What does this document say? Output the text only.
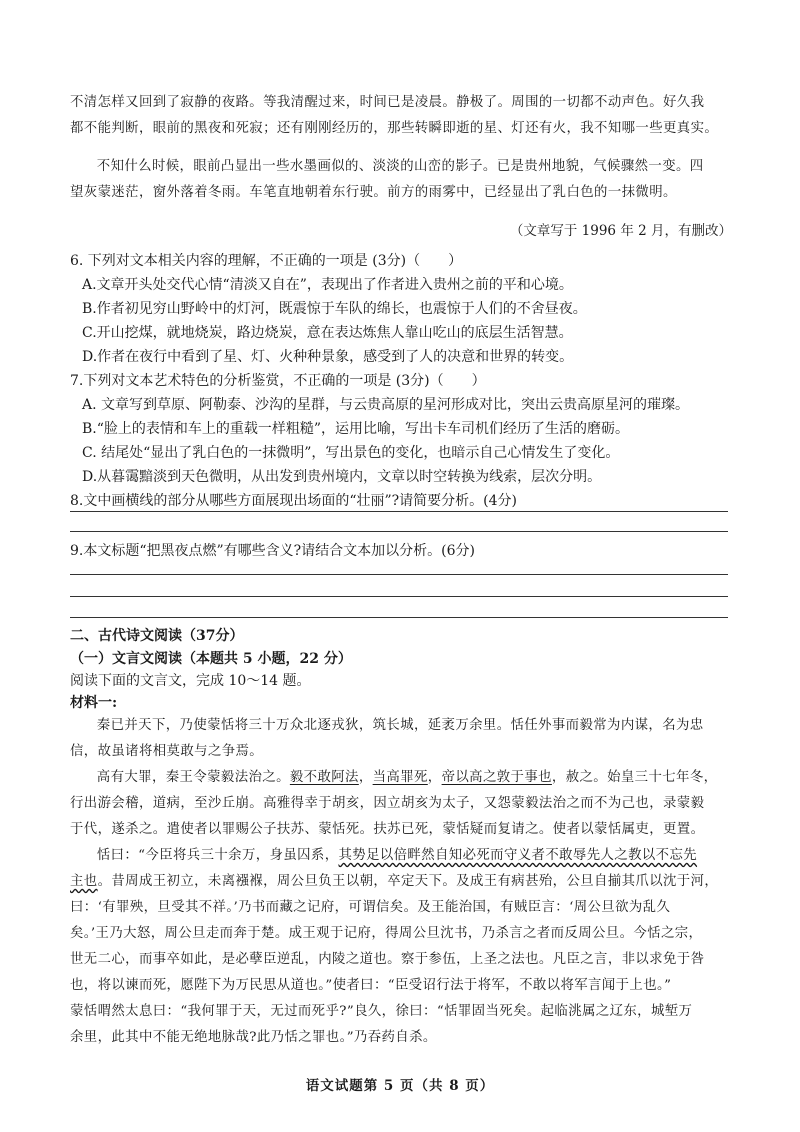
不清怎样又回到了寂静的夜路。等我清醒过来，时间已是凌晨。静极了。周围的一切都不动声色。好久我
都不能判断，眼前的黑夜和死寂；还有刚刚经历的，那些转瞬即逝的星、灯还有火，我不知哪一些更真实。
不知什么时候，眼前凸显出一些水墨画似的、淡淡的山峦的影子。已是贵州地貌，气候骤然一变。四
望灰蒙迷茫，窗外落着冬雨。车笔直地朝着东行驶。前方的雨雾中，已经显出了乳白色的一抹微明。
（文章写于 1996 年 2 月，有删改）
6. 下列对文本相关内容的理解，不正确的一项是 (3分)（　　）
A.文章开头处交代心情“清淡又自在”，表现出了作者进入贵州之前的平和心境。
B.作者初见穷山野岭中的灯河，既震惊于车队的绵长，也震惊于人们的不舍昼夜。
C.开山挖煤，就地烧炭，路边烧炭，意在表达炼焦人靠山吃山的底层生活智慧。
D.作者在夜行中看到了星、灯、火种种景象，感受到了人的决意和世界的转变。
7.下列对文本艺术特色的分析鉴赏，不正确的一项是 (3分)（　　）
A. 文章写到草原、阿勒泰、沙沟的星群，与云贵高原的星河形成对比，突出云贵高原星河的璀璨。
B.“脸上的表情和车上的重载一样粗糙”，运用比喻，写出卡车司机们经历了生活的磨砺。
C. 结尾处“显出了乳白色的一抹微明”，写出景色的变化，也暗示自己心情发生了变化。
D.从暮霭黯淡到天色微明，从出发到贵州境内，文章以时空转换为线索，层次分明。
8.文中画横线的部分从哪些方面展现出场面的“壮丽”?请简要分析。(4分)
9.本文标题“把黑夜点燃”有哪些含义?请结合文本加以分析。(6分)
二、古代诗文阅读（37分）
（一）文言文阅读（本题共 5 小题，22 分）
阅读下面的文言文，完成 10～14 题。
材料一:
秦已并天下，乃使蒙恬将三十万众北逐戎狄，筑长城，延袤万余里。恬任外事而毅常为内谋，名为忠
信，故虽诸将相莫敢与之争焉。
高有大罪，秦王令蒙毅法治之。毅不敢阿法，当高罪死，帝以高之敦于事也，赦之。始皇三十七年冬，
行出游会稽，道病，至沙丘崩。高雅得幸于胡亥，因立胡亥为太子，又怨蒙毅法治之而不为己也，录蒙毅
于代，遂杀之。遣使者以罪赐公子扶苏、蒙恬死。扶苏已死，蒙恬疑而复请之。使者以蒙恬属吏，更置。
恬曰：“今臣将兵三十余万，身虽囚系，其势足以倍畔然自知必死而守义者不敢辱先人之教以不忘先
主也。昔周成王初立，未离襁褓，周公旦负王以朝，卒定天下。及成王有病甚殆，公旦自揃其爪以沈于河，
曰：‘有罪殃，旦受其不祥。’乃书而藏之记府，可谓信矣。及王能治国，有贼臣言：‘周公旦欲为乱久
矣。’王乃大怒，周公旦走而奔于楚。成王观于记府，得周公旦沈书，乃杀言之者而反周公旦。今恬之宗，
世无二心，而事卒如此，是必孽臣逆乱，内陵之道也。察于参伍，上圣之法也。凡臣之言，非以求免于咎
也，将以谏而死，愿陛下为万民思从道也。”使者曰：“臣受诏行法于将军，不敢以将军言闻于上也。”
蒙恬喟然太息曰：“我何罪于天，无过而死乎?”良久，徐曰：“恬罪固当死矣。起临洮属之辽东，城堑万
余里，此其中不能无绝地脉哉?此乃恬之罪也。”乃吞药自杀。
语文试题第 5 页（共 8 页）
